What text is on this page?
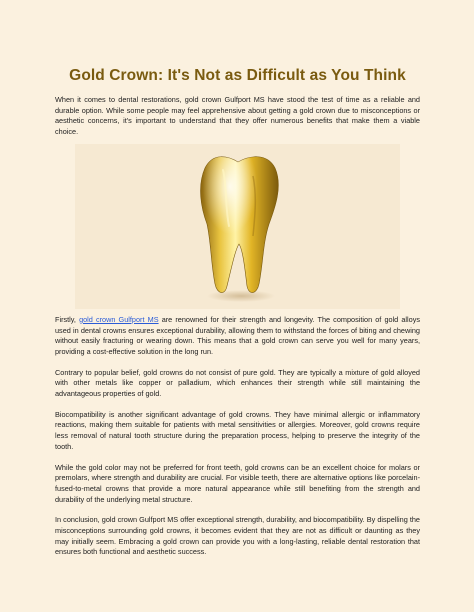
Gold Crown: It's Not as Difficult as You Think

When it comes to dental restorations, gold crown Gulfport MS have stood the test of time as a reliable and durable option. While some people may feel apprehensive about getting a gold crown due to misconceptions or aesthetic concerns, it's important to understand that they offer numerous benefits that make them a viable choice.

Firstly, gold crown Gulfport MS are renowned for their strength and longevity. The composition of gold alloys used in dental crowns ensures exceptional durability, allowing them to withstand the forces of biting and chewing without easily fracturing or wearing down. This means that a gold crown can serve you well for many years, providing a cost-effective solution in the long run.

Contrary to popular belief, gold crowns do not consist of pure gold. They are typically a mixture of gold alloyed with other metals like copper or palladium, which enhances their strength while still maintaining the advantageous properties of gold.

Biocompatibility is another significant advantage of gold crowns. They have minimal allergic or inflammatory reactions, making them suitable for patients with metal sensitivities or allergies. Moreover, gold crowns require less removal of natural tooth structure during the preparation process, helping to preserve the integrity of the tooth.

While the gold color may not be preferred for front teeth, gold crowns can be an excellent choice for molars or premolars, where strength and durability are crucial. For visible teeth, there are alternative options like porcelain-fused-to-metal crowns that provide a more natural appearance while still benefiting from the strength and durability of the underlying metal structure.

In conclusion, gold crown Gulfport MS offer exceptional strength, durability, and biocompatibility. By dispelling the misconceptions surrounding gold crowns, it becomes evident that they are not as difficult or daunting as they may initially seem. Embracing a gold crown can provide you with a long-lasting, reliable dental restoration that ensures both functional and aesthetic success.
